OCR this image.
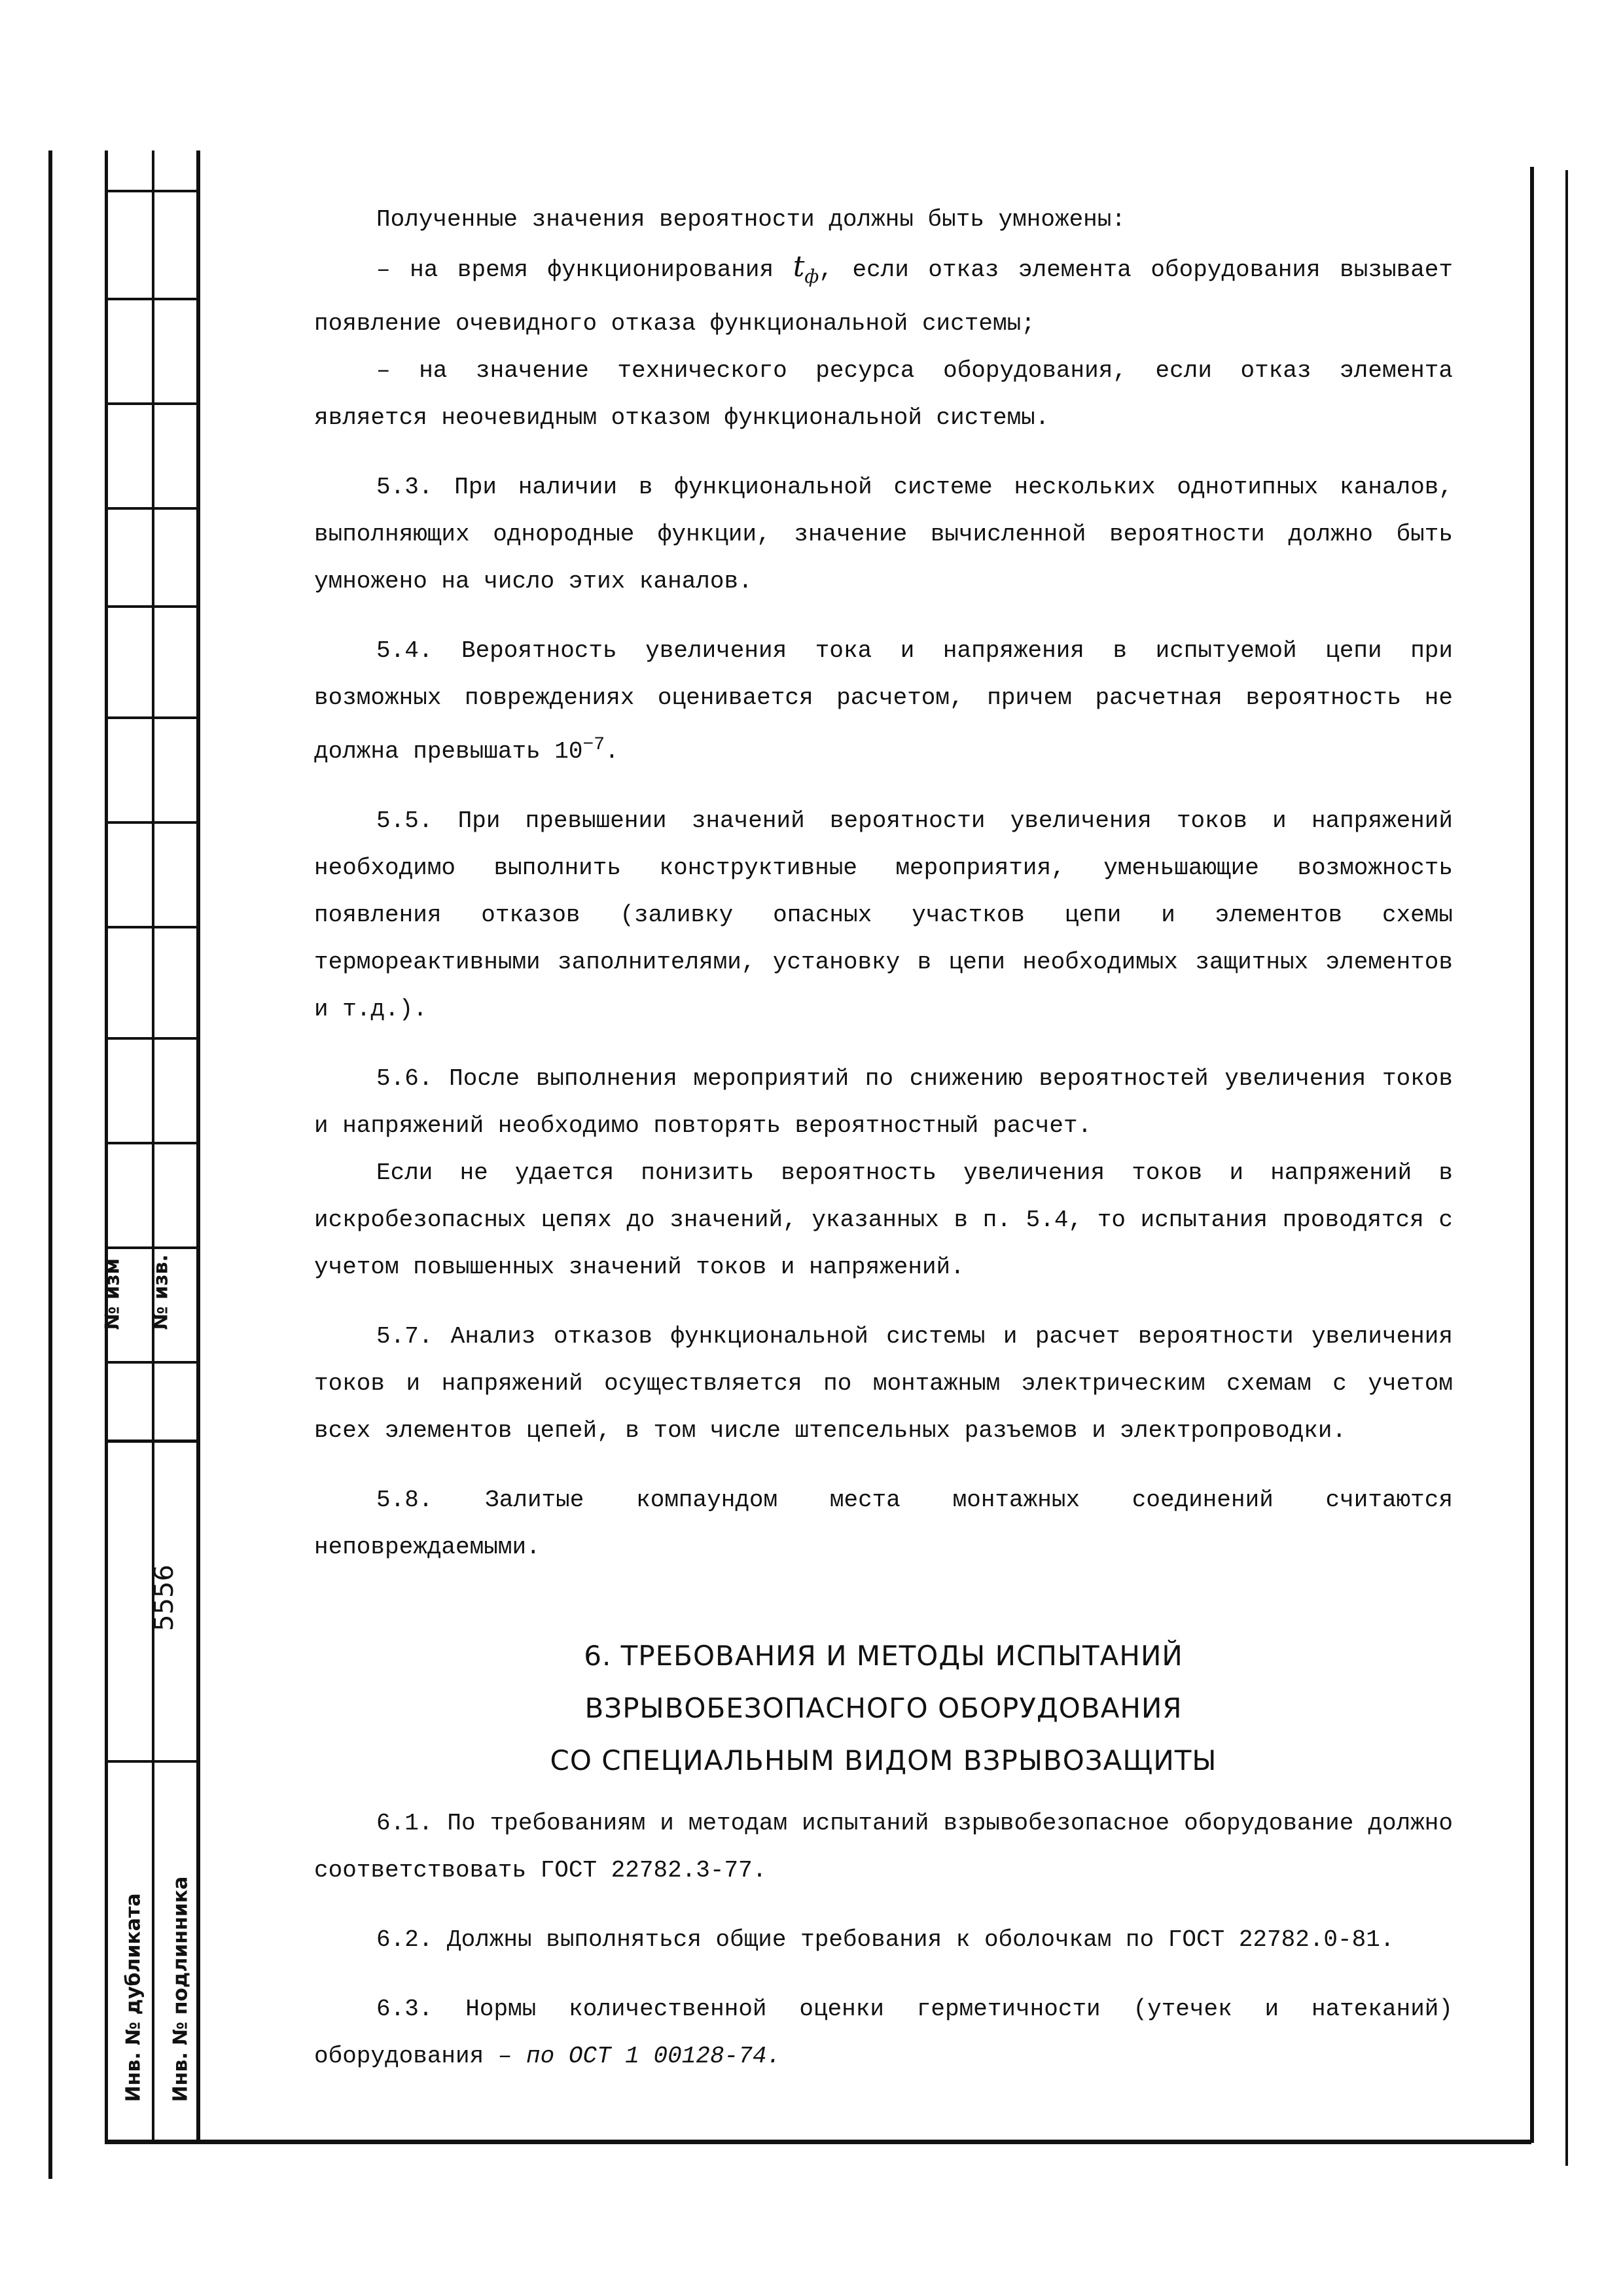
№ изм № изв.
5556
Инв. № дубликата Инв. № подлинника

Полученные значения вероятности должны быть умножены:

– на время функционирования $t_ф$, если отказ элемента оборудования вызывает появление очевидного отказа функциональной системы;

– на значение технического ресурса оборудования, если отказ элемента является неочевидным отказом функциональной системы.

5.3. При наличии в функциональной системе нескольких однотипных каналов, выполняющих однородные функции, значение вычисленной вероятности должно быть умножено на число этих каналов.

5.4. Вероятность увеличения тока и напряжения в испытуемой цепи при возможных повреждениях оценивается расчетом, причем расчетная вероятность не должна превышать $10^{-7}$.

5.5. При превышении значений вероятности увеличения токов и напряжений необходимо выполнить конструктивные мероприятия, уменьшающие возможность появления отказов (заливку опасных участков цепи и элементов схемы термореактивными заполнителями, установку в цепи необходимых защитных элементов и т.д.).

5.6. После выполнения мероприятий по снижению вероятностей увеличения токов и напряжений необходимо повторять вероятностный расчет.

Если не удается понизить вероятность увеличения токов и напряжений в искробезопасных цепях до значений, указанных в п. 5.4, то испытания проводятся с учетом повышенных значений токов и напряжений.

5.7. Анализ отказов функциональной системы и расчет вероятности увеличения токов и напряжений осуществляется по монтажным электрическим схемам с учетом всех элементов цепей, в том числе штепсельных разъемов и электропроводки.

5.8. Залитые компаундом места монтажных соединений считаются неповреждаемыми.

6. ТРЕБОВАНИЯ И МЕТОДЫ ИСПЫТАНИЙ

ВЗРЫВОБЕЗОПАСНОГО ОБОРУДОВАНИЯ

СО СПЕЦИАЛЬНЫМ ВИДОМ ВЗРЫВОЗАЩИТЫ

6.1. По требованиям и методам испытаний взрывобезопасное оборудование должно соответствовать ГОСТ 22782.3-77.

6.2. Должны выполняться общие требования к оболочкам по ГОСТ 22782.0-81.

6.3. Нормы количественной оценки герметичности (утечек и натеканий) оборудования – по ОСТ 1 00128-74.
